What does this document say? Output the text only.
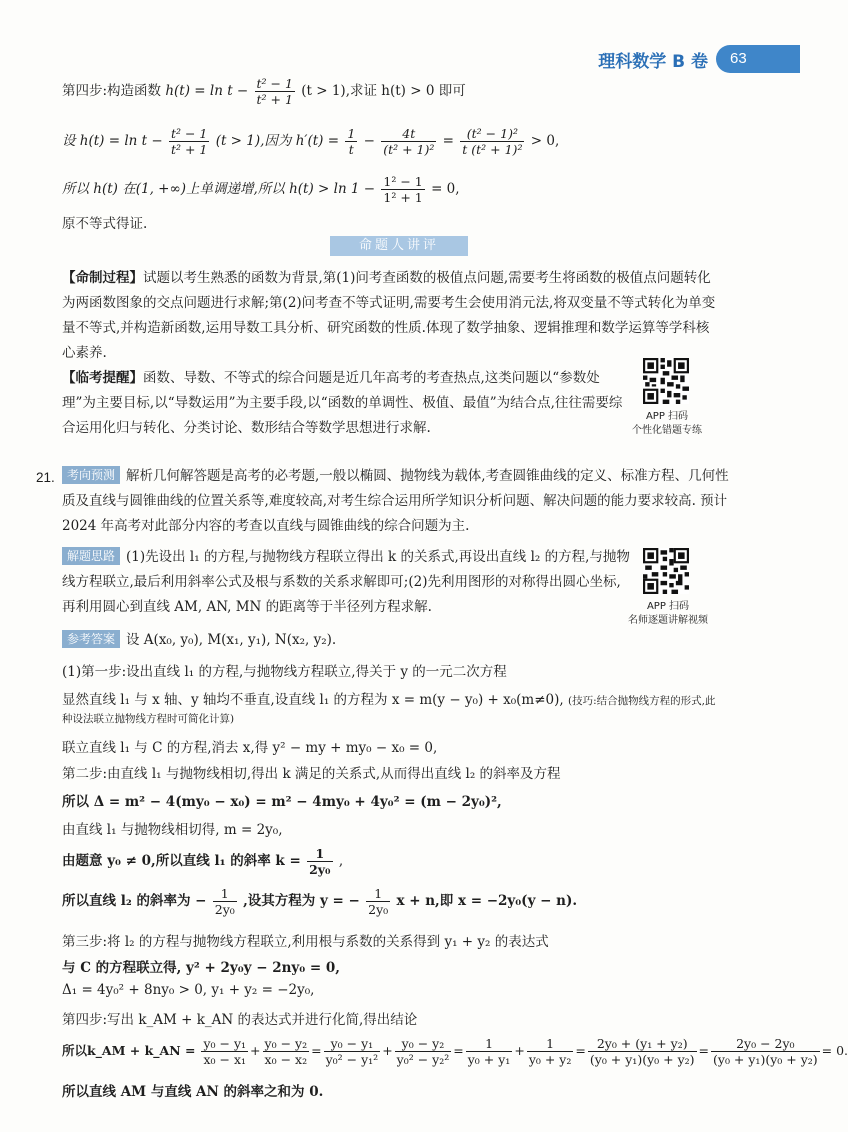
理科数学 B 卷	63
第四步:构造函数 $h(t) = \ln t - \frac{\text{t² − 1}}{\text{t² + 1}} (t > 1)$,求证 h(t) > 0 即可
设 $h(t) = \ln t - \frac{\text{t² − 1}}{\text{t² + 1}} (t > 1)$,因为 $h'(t) = \frac{1}{t} - \frac{4t}{\text{(t² + 1)²}} = \frac{\text{(t² − 1)²}}{\text{t (t² + 1)²}} > 0$,
所以 h(t) 在(1, +∞)上单调递增,所以 $h(t) > \ln 1 - \frac{\text{1² − 1}}{\text{1² + 1}} = 0$,
原不等式得证.
命题人讲评
【命制过程】试题以考生熟悉的函数为背景,第(1)问考查函数的极值点问题,需要考生将函数的极值点问题转化为两函数图象的交点问题进行求解;第(2)问考查不等式证明,需要考生会使用消元法,将双变量不等式转化为单变量不等式,并构造新函数,运用导数工具分析、研究函数的性质.体现了数学抽象、逻辑推理和数学运算等学科核心素养.
【临考提醒】函数、导数、不等式的综合问题是近几年高考的考查热点,这类问题以“参数处理”为主要目标,以“导数运用”为主要手段,以“函数的单调性、极值、最值”为结合点,往往需要综合运用化归与转化、分类讨论、数形结合等数学思想进行求解.
APP 扫码
个性化错题专练
21.	考向预测 解析几何解答题是高考的必考题,一般以椭圆、抛物线为载体,考查圆锥曲线的定义、标准方程、几何性质及直线与圆锥曲线的位置关系等,难度较高,对考生综合运用所学知识分析问题、解决问题的能力要求较高. 预计 2024 年高考对此部分内容的考查以直线与圆锥曲线的综合问题为主.
解题思路 (1)先设出 l₁ 的方程,与抛物线方程联立得出 k 的关系式,再设出直线 l₂ 的方程,与抛物线方程联立,最后利用斜率公式及根与系数的关系求解即可;(2)先利用图形的对称得出圆心坐标,再利用圆心到直线 AM, AN, MN 的距离等于半径列方程求解.	APP 扫码
名师逐题讲解视频
参考答案 设 A(x₀, y₀), M(x₁, y₁), N(x₂, y₂).
(1)第一步:设出直线 l₁ 的方程,与抛物线方程联立,得关于 y 的一元二次方程
显然直线 l₁ 与 x 轴、y 轴均不垂直,设直线 l₁ 的方程为 x = m(y − y₀) + x₀(m≠0), (技巧:结合抛物线方程的形式,此
种设法联立抛物线方程时可简化计算)
联立直线 l₁ 与 C 的方程,消去 x,得 y² − my + my₀ − x₀ = 0,
第二步:由直线 l₁ 与抛物线相切,得出 k 满足的关系式,从而得出直线 l₂ 的斜率及方程
所以 Δ = m² − 4(my₀ − x₀) = m² − 4my₀ + 4y₀² = (m − 2y₀)²,
由直线 l₁ 与抛物线相切得, m = 2y₀,
由题意 y₀ ≠ 0,所以直线 l₁ 的斜率 $k = \frac{1}{\text{2y₀}}$ ,
所以直线 l₂ 的斜率为 − $\frac{1}{\text{2y₀}}$ ,设其方程为 y = − $\frac{1}{\text{2y₀}}$ x + n,即 x = −2y₀(y − n).
第三步:将 l₂ 的方程与抛物线方程联立,利用根与系数的关系得到 y₁ + y₂ 的表达式
与 C 的方程联立得, y² + 2y₀y − 2ny₀ = 0,
Δ₁ = 4y₀² + 8ny₀ > 0, y₁ + y₂ = −2y₀,
第四步:写出 k_AM + k_AN 的表达式并进行化简,得出结论
所以k_AM + k_AN = $\frac{\text{y₀ − y₁}}{\text{x₀ − x₁}} + \frac{\text{y₀ − y₂}}{\text{x₀ − x₂}} = \frac{\text{y₀ − y₁}}{\text{y₀² − y₁²}} + \frac{\text{y₀ − y₂}}{\text{y₀² − y₂²}} = \frac{1}{\text{y₀ + y₁}} + \frac{1}{\text{y₀ + y₂}} = \frac{\text{2y₀ + (y₁ + y₂)}}{\text{(y₀ + y₁)(y₀ + y₂)}} = \frac{\text{2y₀ − 2y₀}}{\text{(y₀ + y₁)(y₀ + y₂)}} = 0$.
所以直线 AM 与直线 AN 的斜率之和为 0.
